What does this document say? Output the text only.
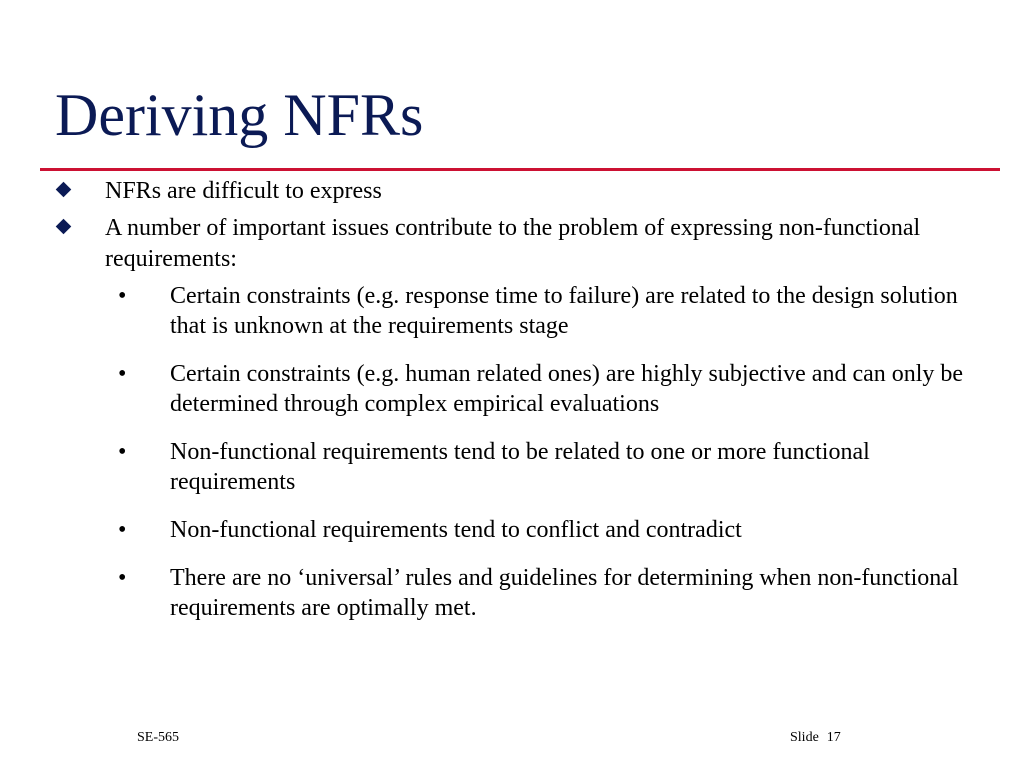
Deriving NFRs
NFRs are difficult to express
A number of important issues contribute to the problem of expressing non-functional requirements:
• Certain constraints (e.g. response time to failure) are related to the design solution that is unknown at the requirements stage
• Certain constraints (e.g. human related ones) are highly subjective and can only be determined through complex empirical evaluations
• Non-functional requirements tend to be related to one or more functional requirements
• Non-functional requirements tend to conflict and contradict
• There are no ‘universal’ rules and guidelines for determining when non-functional requirements are optimally met.
SE-565	Slide 17
